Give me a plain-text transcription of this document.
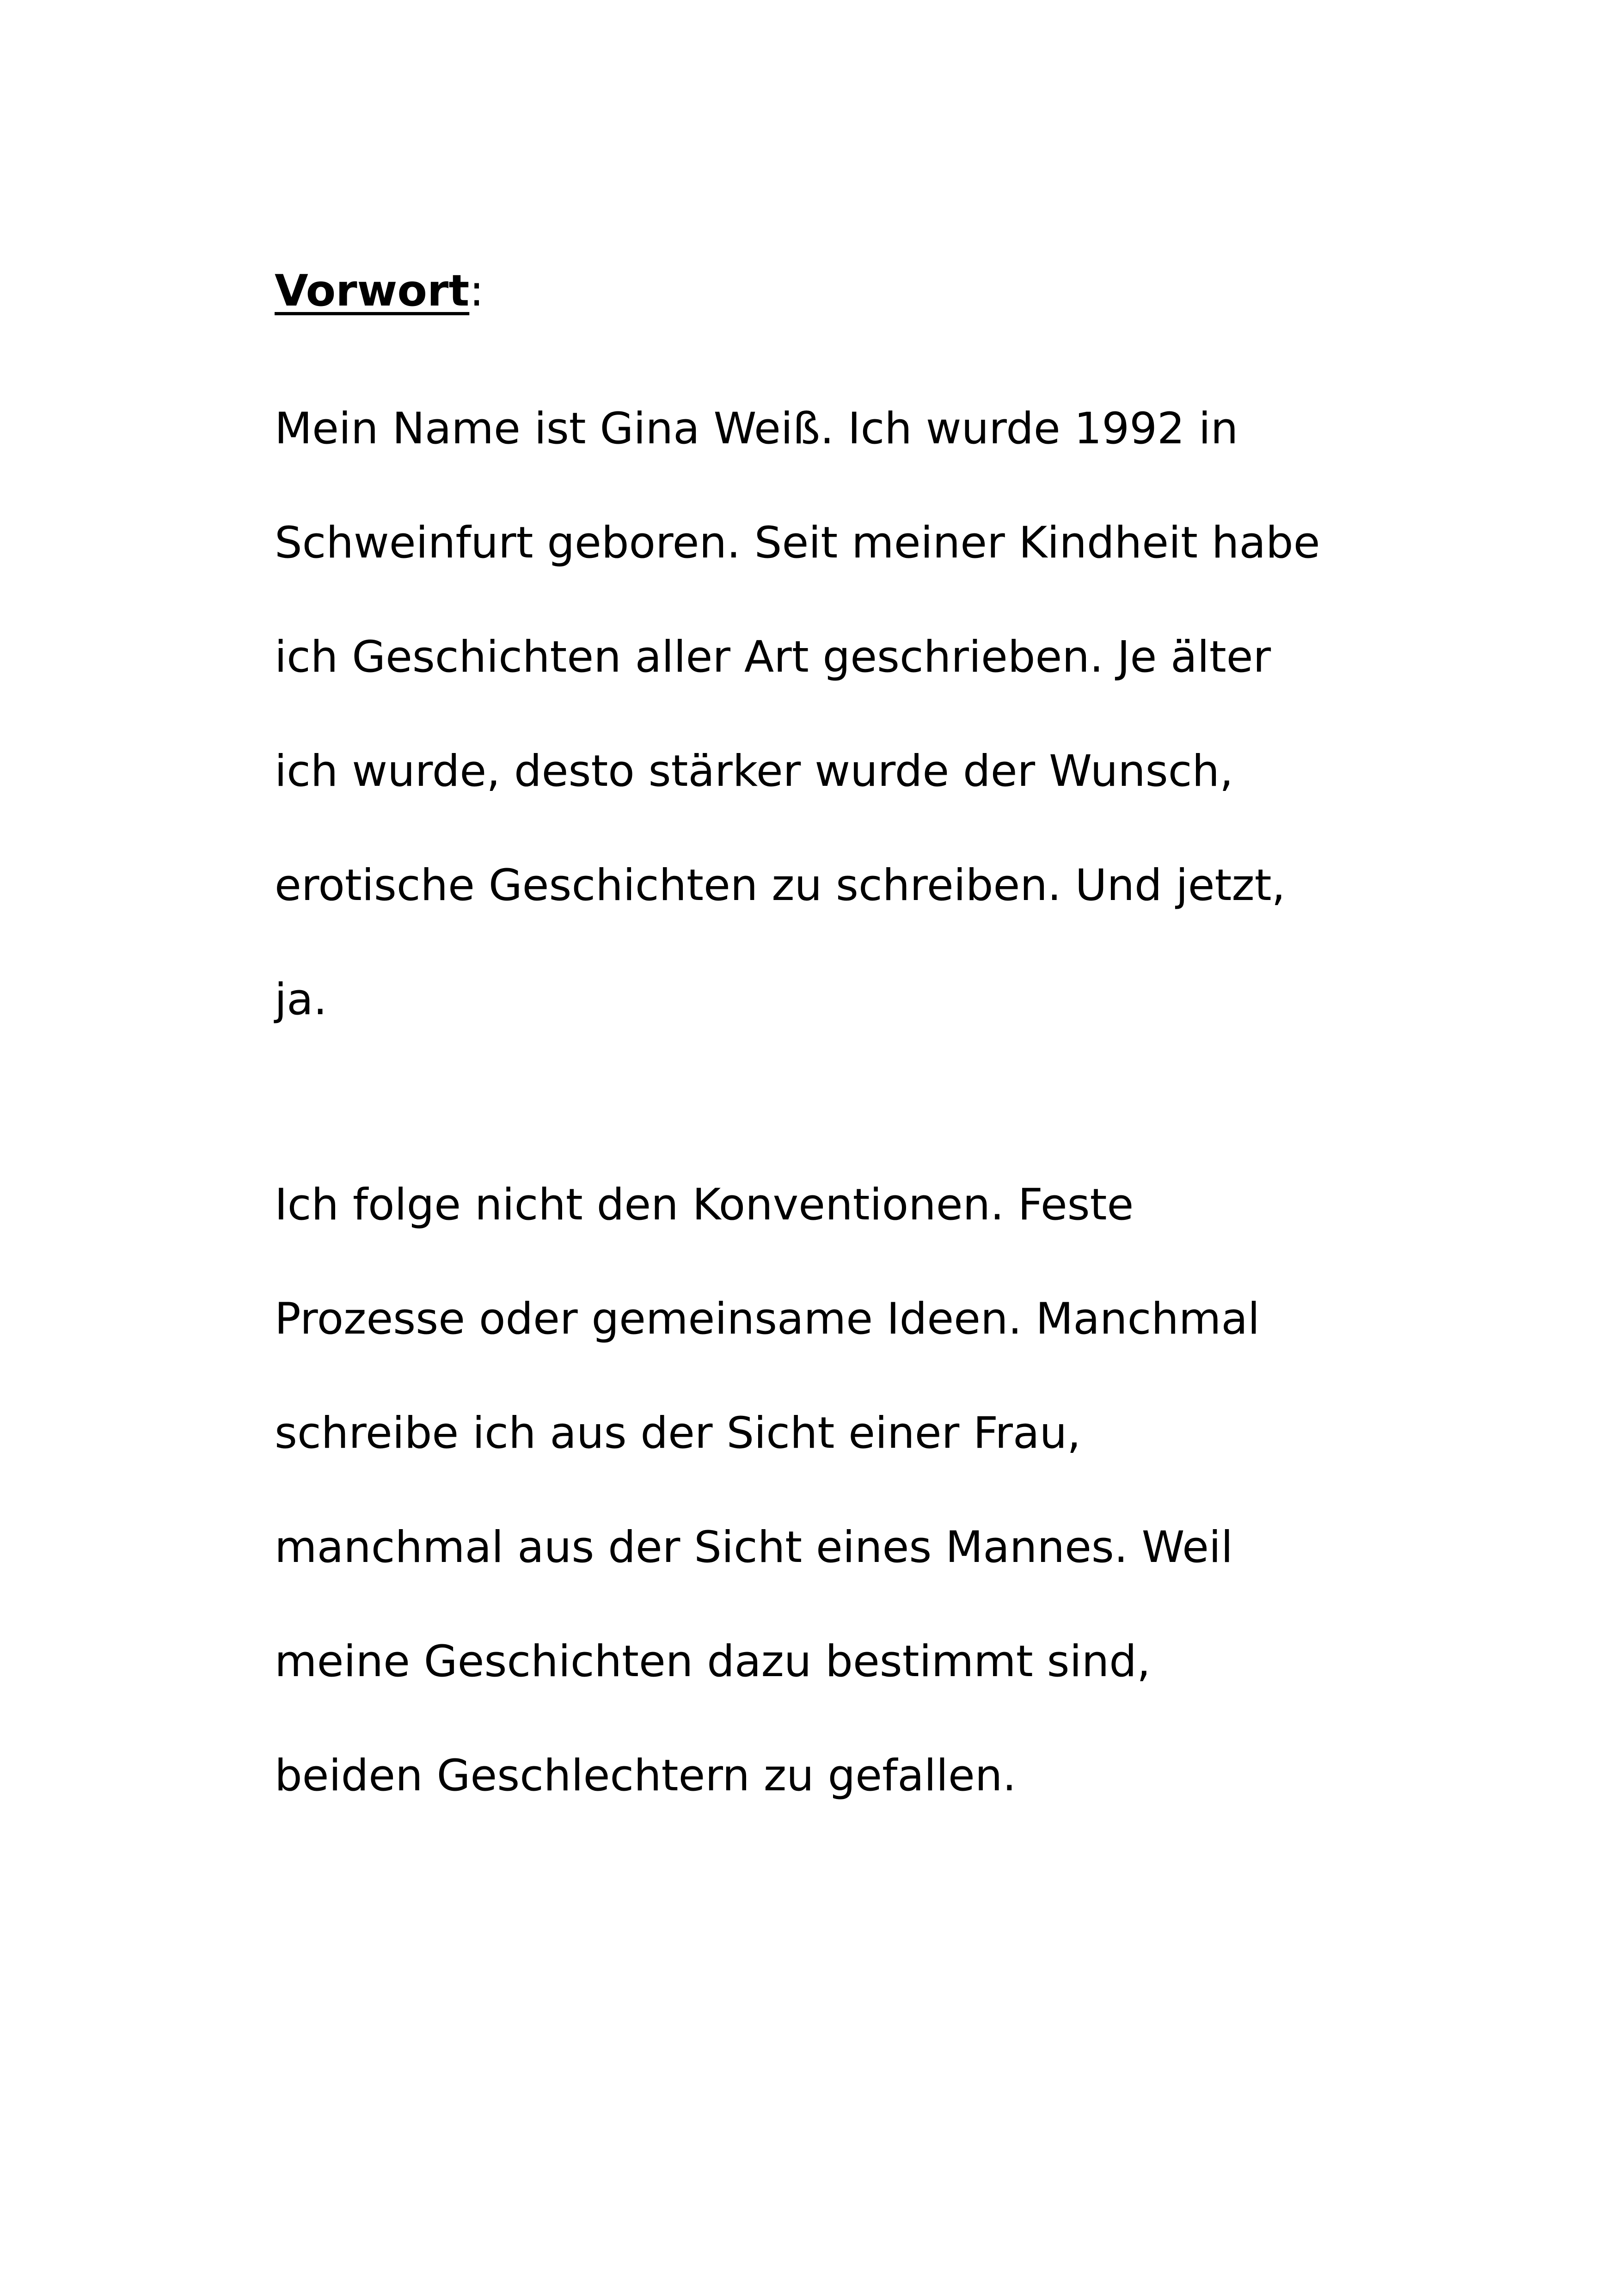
Vorwort:
Mein Name ist Gina Weiß. Ich wurde 1992 in
Schweinfurt geboren. Seit meiner Kindheit habe
ich Geschichten aller Art geschrieben. Je älter
ich wurde, desto stärker wurde der Wunsch,
erotische Geschichten zu schreiben. Und jetzt,
ja.
Ich folge nicht den Konventionen. Feste
Prozesse oder gemeinsame Ideen. Manchmal
schreibe ich aus der Sicht einer Frau,
manchmal aus der Sicht eines Mannes. Weil
meine Geschichten dazu bestimmt sind,
beiden Geschlechtern zu gefallen.
